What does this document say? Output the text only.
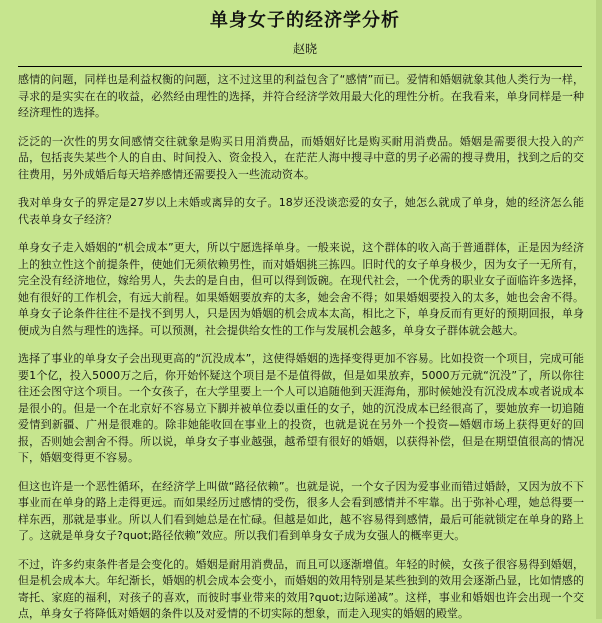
单身女子的经济学分析
赵晓

感情的问题，同样也是利益权衡的问题，这不过这里的利益包含了“感情”而已。爱情和婚姻就象其他人类行为一样，寻求的是实实在在的收益，必然经由理性的选择，并符合经济学效用最大化的理性分析。在我看来，单身同样是一种经济理性的选择。

泛泛的一次性的男女间感情交往就象是购买日用消费品，而婚姻好比是购买耐用消费品。婚姻是需要很大投入的产品，包括丧失某些个人的自由、时间投入、资金投入，在茫茫人海中搜寻中意的男子必需的搜寻费用，找到之后的交往费用，另外成婚后每天培养感情还需要投入一些流动资本。

我对单身女子的界定是27岁以上未婚或离异的女子。18岁还没谈恋爱的女子，她怎么就成了单身，她的经济怎么能代表单身女子经济？

单身女子走入婚姻的“机会成本”更大，所以宁愿选择单身。一般来说，这个群体的收入高于普通群体，正是因为经济上的独立性这个前提条件，使她们无须依赖男性，而对婚姻挑三拣四。旧时代的女子单身极少，因为女子一无所有，完全没有经济地位，嫁给男人，失去的是自由，但可以得到饭碗。在现代社会，一个优秀的职业女子面临许多选择，她有很好的工作机会，有远大前程。如果婚姻要放弃的太多，她会舍不得；如果婚姻要投入的太多，她也会舍不得。单身女子论条件往往不是找不到男人，只是因为婚姻的机会成本太高，相比之下，单身反而有更好的预期回报，单身便成为自然与理性的选择。可以预测，社会提供给女性的工作与发展机会越多，单身女子群体就会越大。

选择了事业的单身女子会出现更高的“沉没成本”，这使得婚姻的选择变得更加不容易。比如投资一个项目，完成可能要1个亿，投入5000万之后，你开始怀疑这个项目是不是值得做，但是如果放弃，5000万元就“沉没”了，所以你往往还会图守这个项目。一个女孩子，在大学里要上一个人可以追随他到天涯海角，那时候她没有沉没成本或者说成本是很小的。但是一个在北京好不容易立下脚并被单位委以重任的女子，她的沉没成本已经很高了，要她放弃一切追随爱情到新疆、广州是很难的。除非她能收回在事业上的投资，也就是说在另外一个投资—婚姻市场上获得更好的回报，否则她会割舍不得。所以说，单身女子事业越强，越希望有很好的婚姻，以获得补偿，但是在期望值很高的情况下，婚姻变得更不容易。

但这也许是一个恶性循环，在经济学上叫做“路径依赖”。也就是说，一个女子因为爱事业而错过婚龄，又因为放不下事业而在单身的路上走得更远。而如果经历过感情的受伤，很多人会看到感情并不牢靠。出于弥补心理，她总得要一样东西，那就是事业。所以人们看到她总是在忙碌。但越是如此，越不容易得到感情，最后可能就锁定在单身的路上了。这就是单身女子?quot;路径依赖”效应。所以我们看到单身女子成为女强人的概率更大。

不过，许多约束条件者是会变化的。婚姻是耐用消费品，而且可以逐渐增值。年轻的时候，女孩子很容易得到婚姻，但是机会成本大。年纪渐长，婚姻的机会成本会变小，而婚姻的效用特别是某些独到的效用会逐渐凸显，比如情感的寄托、家庭的福利，对孩子的喜欢，而彼时事业带来的效用?quot;边际递减”。这样，事业和婚姻也许会出现一个交点，单身女子将降低对婚姻的条件以及对爱情的不切实际的想象，而走入现实的婚姻的殿堂。
